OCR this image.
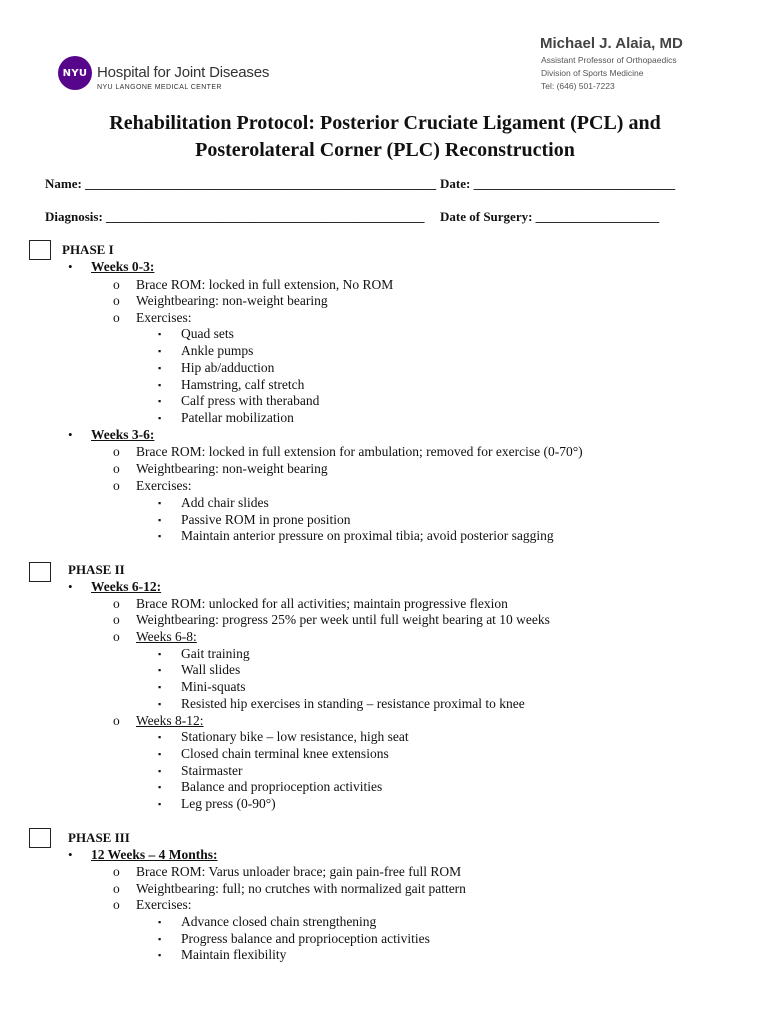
NYU Hospital for Joint Diseases
NYU LANGONE MEDICAL CENTER
Michael J. Alaia, MD
Assistant Professor of Orthopaedics
Division of Sports Medicine
Tel: (646) 501-7223
Rehabilitation Protocol: Posterior Cruciate Ligament (PCL) and
Posterolateral Corner (PLC) Reconstruction
Name: ______________________________________________________ Date: _______________________________
Diagnosis: _________________________________________________ Date of Surgery: ___________________
PHASE I
• Weeks 0-3:
o Brace ROM: locked in full extension, No ROM
o Weightbearing: non-weight bearing
o Exercises:
▪ Quad sets
▪ Ankle pumps
▪ Hip ab/adduction
▪ Hamstring, calf stretch
▪ Calf press with theraband
▪ Patellar mobilization
• Weeks 3-6:
o Brace ROM: locked in full extension for ambulation; removed for exercise (0-70°)
o Weightbearing: non-weight bearing
o Exercises:
▪ Add chair slides
▪ Passive ROM in prone position
▪ Maintain anterior pressure on proximal tibia; avoid posterior sagging
PHASE II
• Weeks 6-12:
o Brace ROM: unlocked for all activities; maintain progressive flexion
o Weightbearing: progress 25% per week until full weight bearing at 10 weeks
o Weeks 6-8:
▪ Gait training
▪ Wall slides
▪ Mini-squats
▪ Resisted hip exercises in standing – resistance proximal to knee
o Weeks 8-12:
▪ Stationary bike – low resistance, high seat
▪ Closed chain terminal knee extensions
▪ Stairmaster
▪ Balance and proprioception activities
▪ Leg press (0-90°)
PHASE III
• 12 Weeks – 4 Months:
o Brace ROM: Varus unloader brace; gain pain-free full ROM
o Weightbearing: full; no crutches with normalized gait pattern
o Exercises:
▪ Advance closed chain strengthening
▪ Progress balance and proprioception activities
▪ Maintain flexibility
